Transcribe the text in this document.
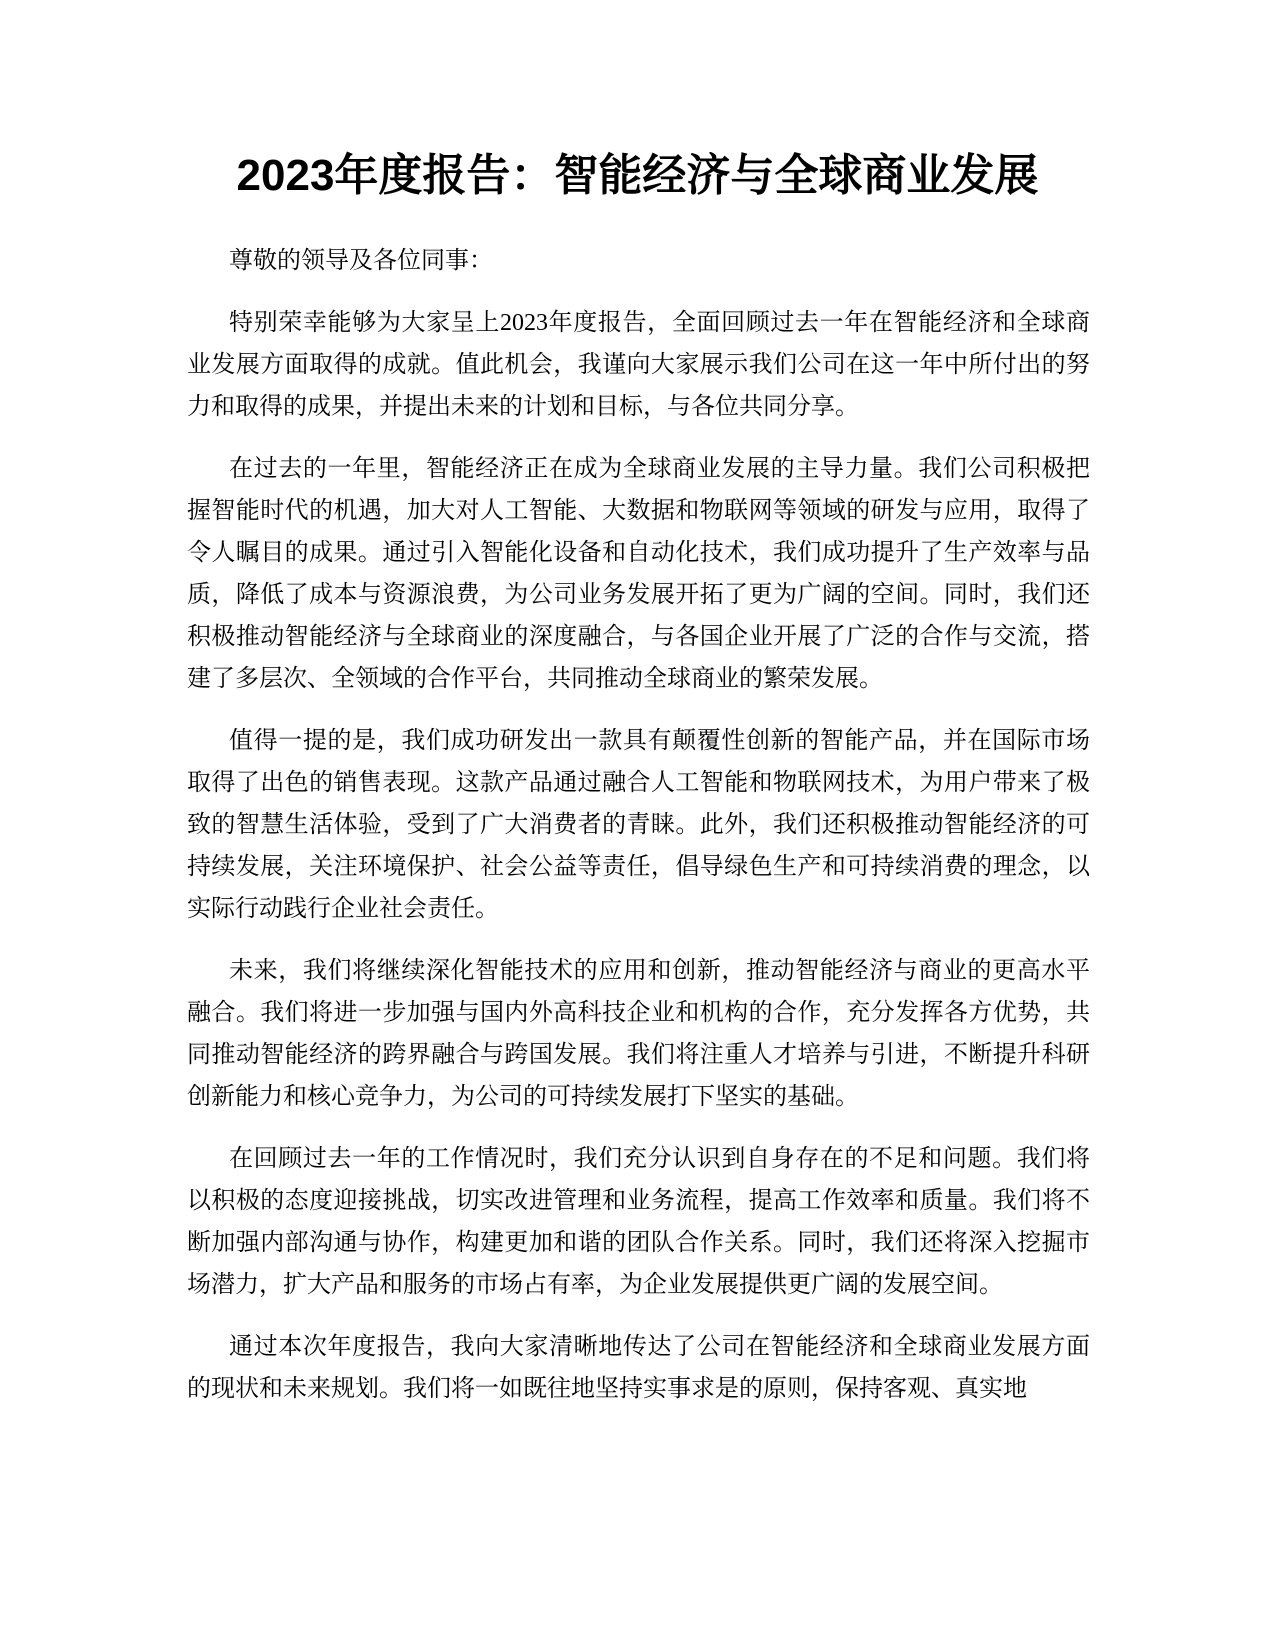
2023年度报告：智能经济与全球商业发展

尊敬的领导及各位同事：

特别荣幸能够为大家呈上2023年度报告，全面回顾过去一年在智能经济和全球商业发展方面取得的成就。值此机会，我谨向大家展示我们公司在这一年中所付出的努力和取得的成果，并提出未来的计划和目标，与各位共同分享。

在过去的一年里，智能经济正在成为全球商业发展的主导力量。我们公司积极把握智能时代的机遇，加大对人工智能、大数据和物联网等领域的研发与应用，取得了令人瞩目的成果。通过引入智能化设备和自动化技术，我们成功提升了生产效率与品质，降低了成本与资源浪费，为公司业务发展开拓了更为广阔的空间。同时，我们还积极推动智能经济与全球商业的深度融合，与各国企业开展了广泛的合作与交流，搭建了多层次、全领域的合作平台，共同推动全球商业的繁荣发展。

值得一提的是，我们成功研发出一款具有颠覆性创新的智能产品，并在国际市场取得了出色的销售表现。这款产品通过融合人工智能和物联网技术，为用户带来了极致的智慧生活体验，受到了广大消费者的青睐。此外，我们还积极推动智能经济的可持续发展，关注环境保护、社会公益等责任，倡导绿色生产和可持续消费的理念，以实际行动践行企业社会责任。

未来，我们将继续深化智能技术的应用和创新，推动智能经济与商业的更高水平融合。我们将进一步加强与国内外高科技企业和机构的合作，充分发挥各方优势，共同推动智能经济的跨界融合与跨国发展。我们将注重人才培养与引进，不断提升科研创新能力和核心竞争力，为公司的可持续发展打下坚实的基础。

在回顾过去一年的工作情况时，我们充分认识到自身存在的不足和问题。我们将以积极的态度迎接挑战，切实改进管理和业务流程，提高工作效率和质量。我们将不断加强内部沟通与协作，构建更加和谐的团队合作关系。同时，我们还将深入挖掘市场潜力，扩大产品和服务的市场占有率，为企业发展提供更广阔的发展空间。

通过本次年度报告，我向大家清晰地传达了公司在智能经济和全球商业发展方面的现状和未来规划。我们将一如既往地坚持实事求是的原则，保持客观、真实地
